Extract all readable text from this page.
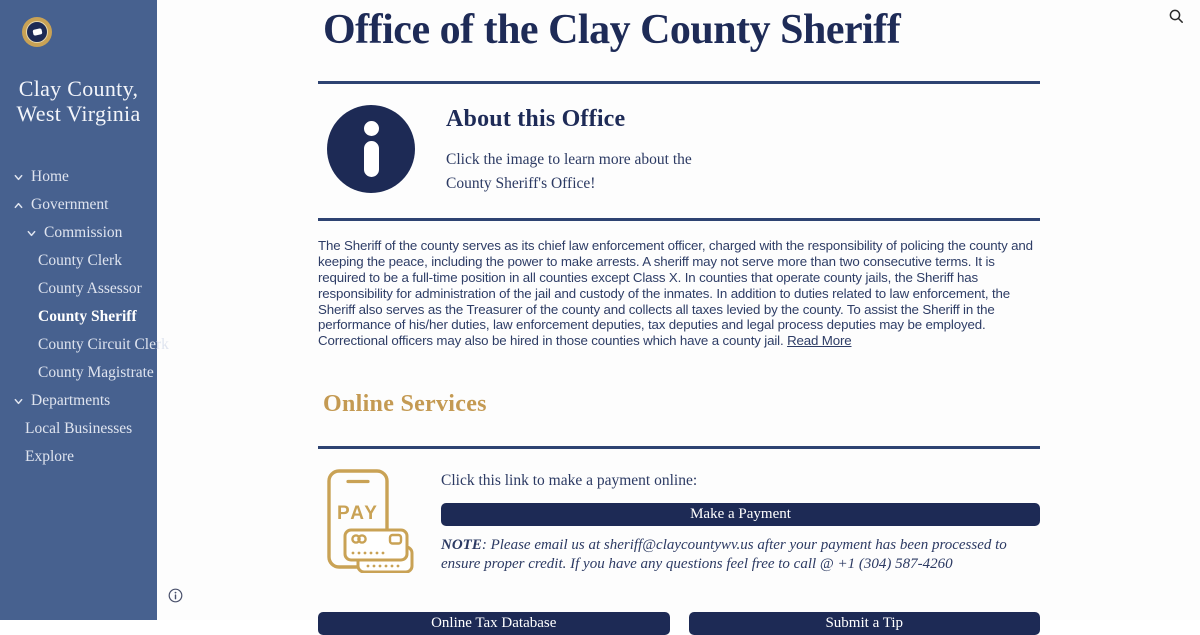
Clay County,
West Virginia
Home
Government
Commission
County Clerk
County Assessor
County Sheriff
County Circuit Clerk
County Magistrate
Departments
Local Businesses
Explore
Office of the Clay County Sheriff
About this Office

Click the image to learn more about the County Sheriff's Office!

The Sheriff of the county serves as its chief law enforcement officer, charged with the responsibility of policing the county and keeping the peace, including the power to make arrests. A sheriff may not serve more than two consecutive terms. It is required to be a full-time position in all counties except Class X. In counties that operate county jails, the Sheriff has responsibility for administration of the jail and custody of the inmates. In addition to duties related to law enforcement, the Sheriff also serves as the Treasurer of the county and collects all taxes levied by the county. To assist the Sheriff in the performance of his/her duties, law enforcement deputies, tax deputies and legal process deputies may be employed. Correctional officers may also be hired in those counties which have a county jail. Read More

Online Services
PAY

Click this link to make a payment online:

Make a Payment

NOTE: Please email us at sheriff@claycountywv.us after your payment has been processed to ensure proper credit. If you have any questions feel free to call @ +1 (304) 587-4260

Online Tax Database	Submit a Tip
